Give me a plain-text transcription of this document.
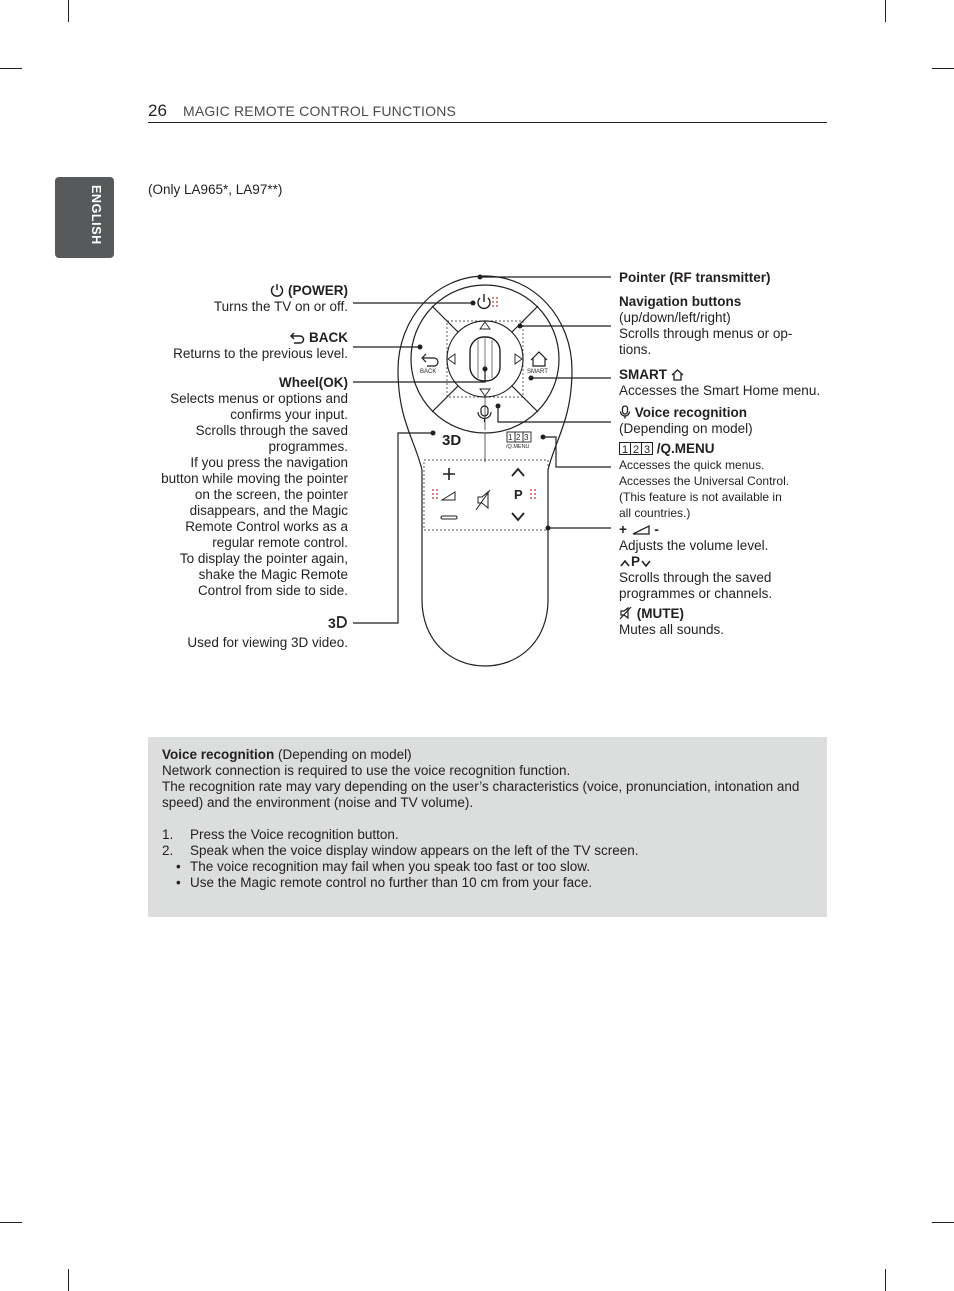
26 MAGIC REMOTE CONTROL FUNCTIONS
ENGLISH	(Only LA965*, LA97**)
BACK	SMART
/Q.MENU
3D
P
1 2 3
(POWER)
Turns the TV on or off.
BACK
Returns to the previous level.
Wheel(OK)
Selects menus or options and
confirms your input.
Scrolls through the saved
programmes.
If you press the navigation
button while moving the pointer
on the screen, the pointer
disappears, and the Magic
Remote Control works as a
regular remote control.
To display the pointer again,
shake the Magic Remote
Control from side to side.
3
Used for viewing 3D video.
Pointer (RF transmitter)
Navigation buttons
(up/down/left/right)
Scrolls through menus or op-
tions.
SMART
Accesses the Smart Home menu.
Voice recognition
(Depending on model)
1 2 3 /Q.MENU
Accesses the quick menus.
Accesses the Universal Control.
(This feature is not available in
all countries.)
+ -
Adjusts the volume level.
P
Scrolls through the saved
programmes or channels.
(MUTE)
Mutes all sounds.

Voice recognition (Depending on model)

Network connection is required to use the voice recognition function.

The recognition rate may vary depending on the user’s characteristics (voice, pronunciation, intonation and speed) and the environment (noise and TV volume).

1. Press the Voice recognition button.
2. Speak when the voice display window appears on the left of the TV screen.
• The voice recognition may fail when you speak too fast or too slow.
• Use the Magic remote control no further than 10 cm from your face.
